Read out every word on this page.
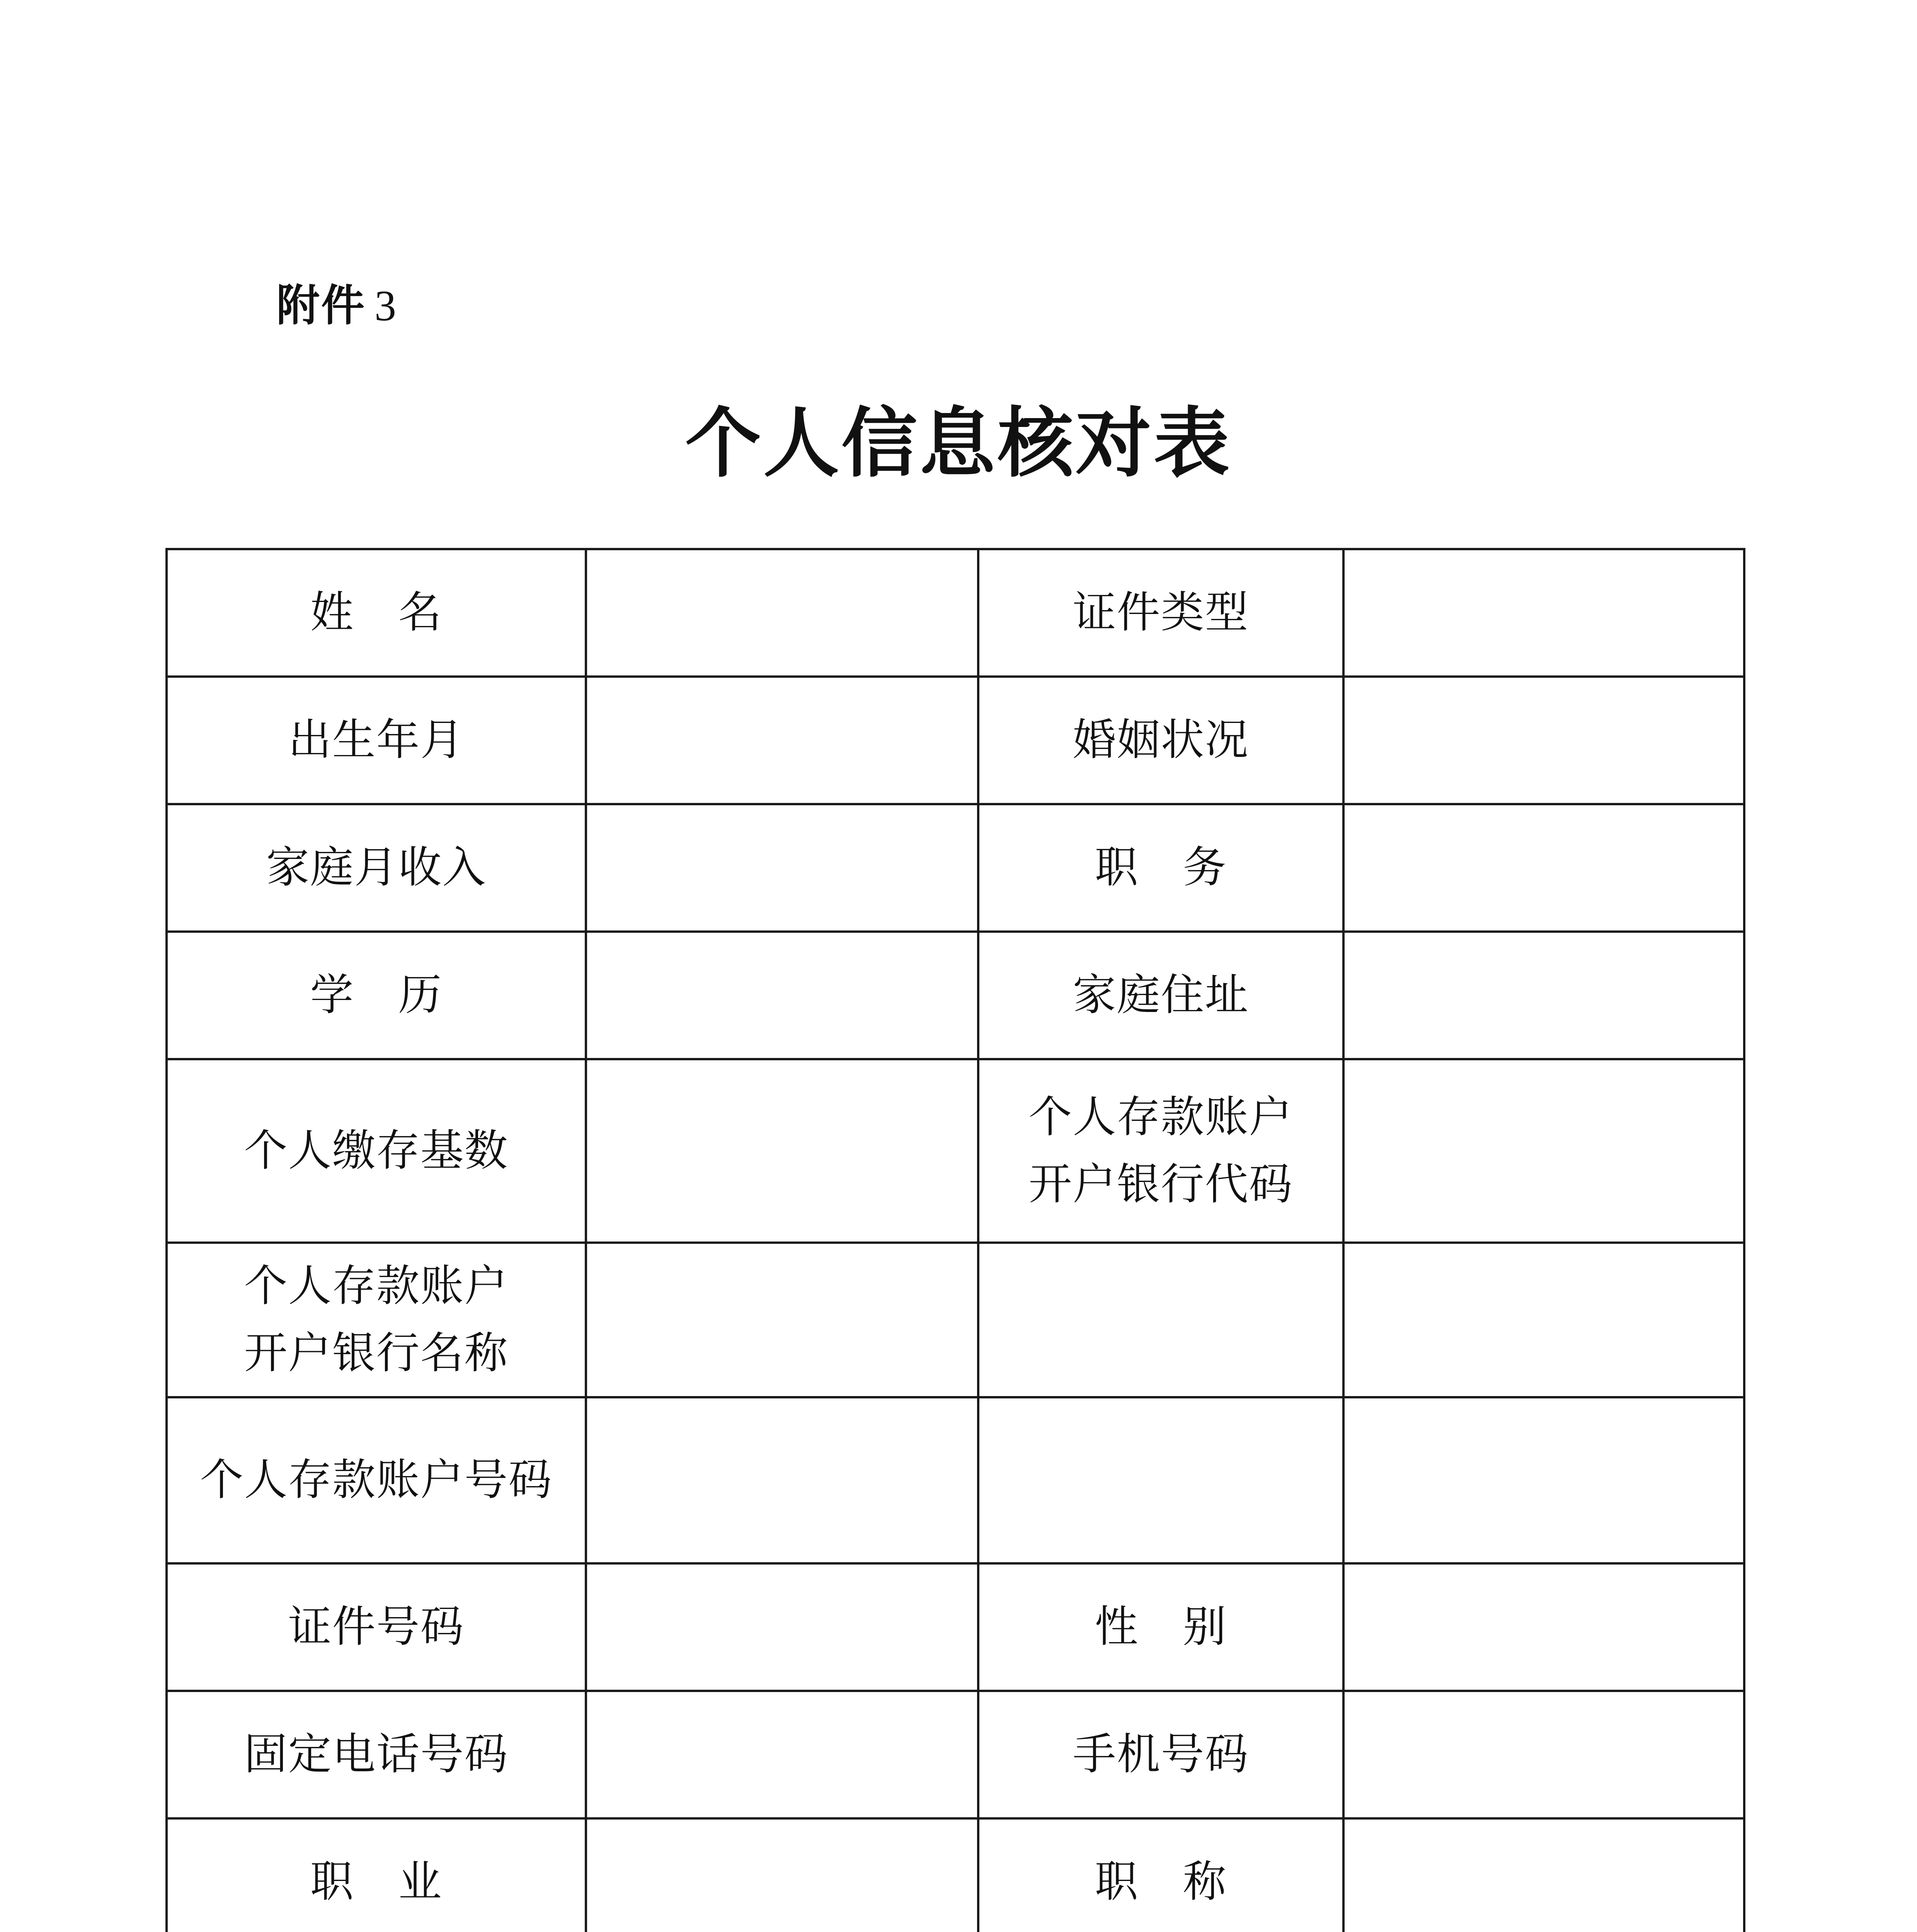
附件 3
个人信息核对表
姓　名		证件类型	
出生年月		婚姻状况	
家庭月收入		职　务	
学　历		家庭住址	
个人缴存基数		个人存款账户
开户银行代码	
个人存款账户
开户银行名称			
个人存款账户号码			
证件号码		性　别	
固定电话号码		手机号码	
职　业		职　称	
